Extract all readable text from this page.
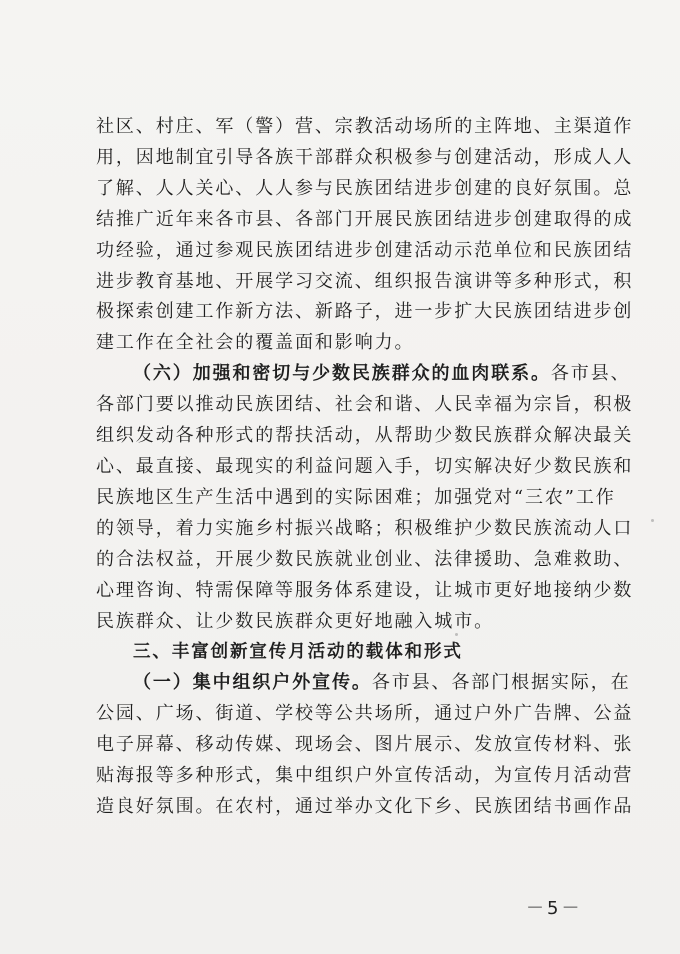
社区、村庄、军（警）营、宗教活动场所的主阵地、主渠道作
用，因地制宜引导各族干部群众积极参与创建活动，形成人人
了解、人人关心、人人参与民族团结进步创建的良好氛围。总
结推广近年来各市县、各部门开展民族团结进步创建取得的成
功经验，通过参观民族团结进步创建活动示范单位和民族团结
进步教育基地、开展学习交流、组织报告演讲等多种形式，积
极探索创建工作新方法、新路子，进一步扩大民族团结进步创
建工作在全社会的覆盖面和影响力。

（六）加强和密切与少数民族群众的血肉联系。各市县、
各部门要以推动民族团结、社会和谐、人民幸福为宗旨，积极
组织发动各种形式的帮扶活动，从帮助少数民族群众解决最关
心、最直接、最现实的利益问题入手，切实解决好少数民族和
民族地区生产生活中遇到的实际困难；加强党对“三农”工作
的领导，着力实施乡村振兴战略；积极维护少数民族流动人口
的合法权益，开展少数民族就业创业、法律援助、急难救助、
心理咨询、特需保障等服务体系建设，让城市更好地接纳少数
民族群众、让少数民族群众更好地融入城市。

三、丰富创新宣传月活动的载体和形式

（一）集中组织户外宣传。各市县、各部门根据实际，在
公园、广场、街道、学校等公共场所，通过户外广告牌、公益
电子屏幕、移动传媒、现场会、图片展示、发放宣传材料、张
贴海报等多种形式，集中组织户外宣传活动，为宣传月活动营
造良好氛围。在农村，通过举办文化下乡、民族团结书画作品

－5－
